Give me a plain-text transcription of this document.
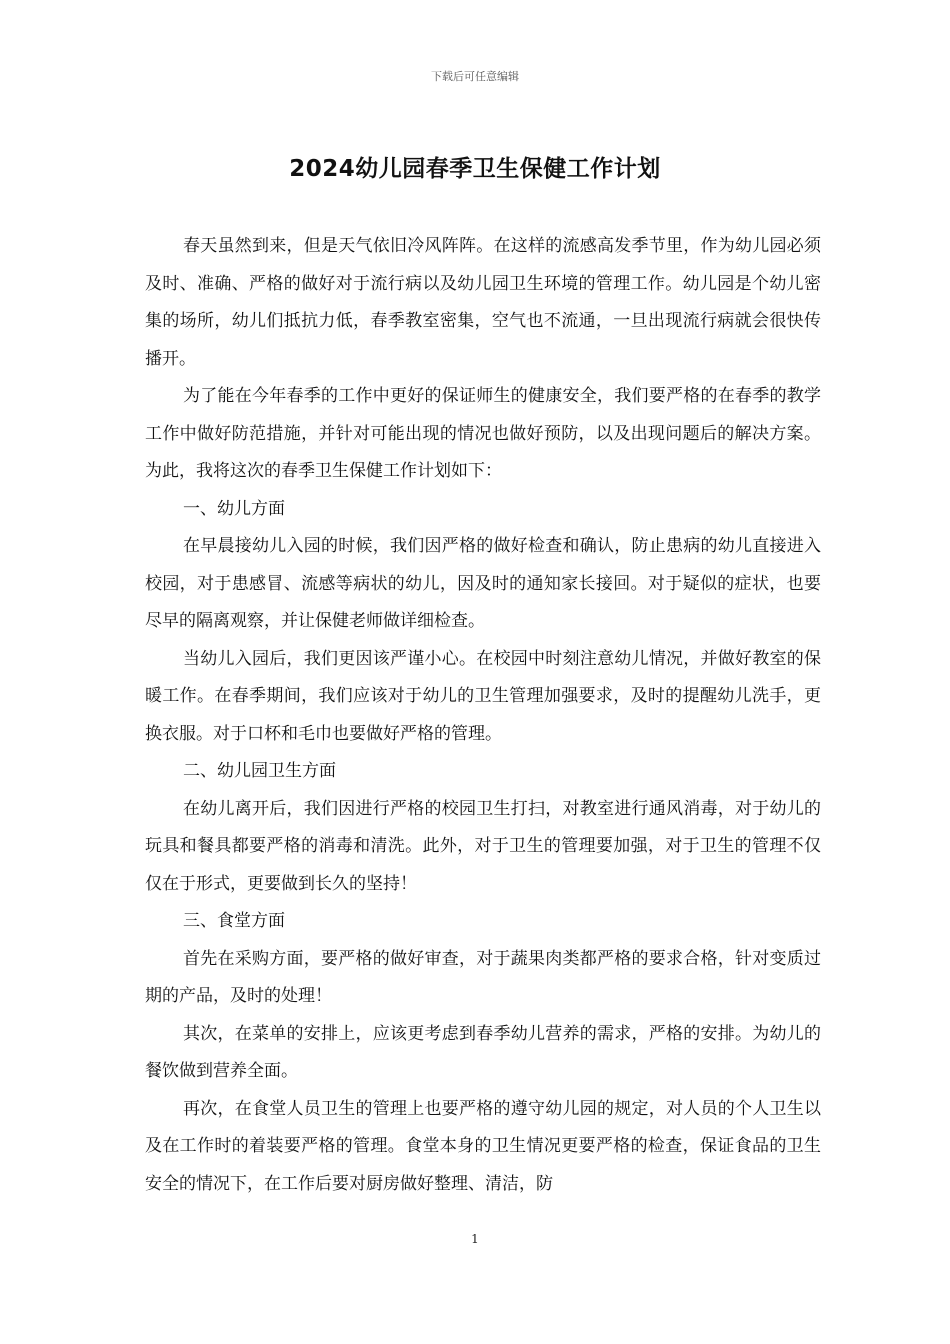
下载后可任意编辑
2024幼儿园春季卫生保健工作计划

春天虽然到来，但是天气依旧冷风阵阵。在这样的流感高发季节里，作为幼儿园必须及时、准确、严格的做好对于流行病以及幼儿园卫生环境的管理工作。幼儿园是个幼儿密集的场所，幼儿们抵抗力低，春季教室密集，空气也不流通，一旦出现流行病就会很快传播开。

为了能在今年春季的工作中更好的保证师生的健康安全，我们要严格的在春季的教学工作中做好防范措施，并针对可能出现的情况也做好预防，以及出现问题后的解决方案。为此，我将这次的春季卫生保健工作计划如下：

一、幼儿方面

在早晨接幼儿入园的时候，我们因严格的做好检查和确认，防止患病的幼儿直接进入校园，对于患感冒、流感等病状的幼儿，因及时的通知家长接回。对于疑似的症状，也要尽早的隔离观察，并让保健老师做详细检查。

当幼儿入园后，我们更因该严谨小心。在校园中时刻注意幼儿情况，并做好教室的保暖工作。在春季期间，我们应该对于幼儿的卫生管理加强要求，及时的提醒幼儿洗手，更换衣服。对于口杯和毛巾也要做好严格的管理。

二、幼儿园卫生方面

在幼儿离开后，我们因进行严格的校园卫生打扫，对教室进行通风消毒，对于幼儿的玩具和餐具都要严格的消毒和清洗。此外，对于卫生的管理要加强，对于卫生的管理不仅仅在于形式，更要做到长久的坚持！

三、食堂方面

首先在采购方面，要严格的做好审查，对于蔬果肉类都严格的要求合格，针对变质过期的产品，及时的处理！

其次，在菜单的安排上，应该更考虑到春季幼儿营养的需求，严格的安排。为幼儿的餐饮做到营养全面。

再次，在食堂人员卫生的管理上也要严格的遵守幼儿园的规定，对人员的个人卫生以及在工作时的着装要严格的管理。食堂本身的卫生情况更要严格的检查，保证食品的卫生安全的情况下，在工作后要对厨房做好整理、清洁，防

1
